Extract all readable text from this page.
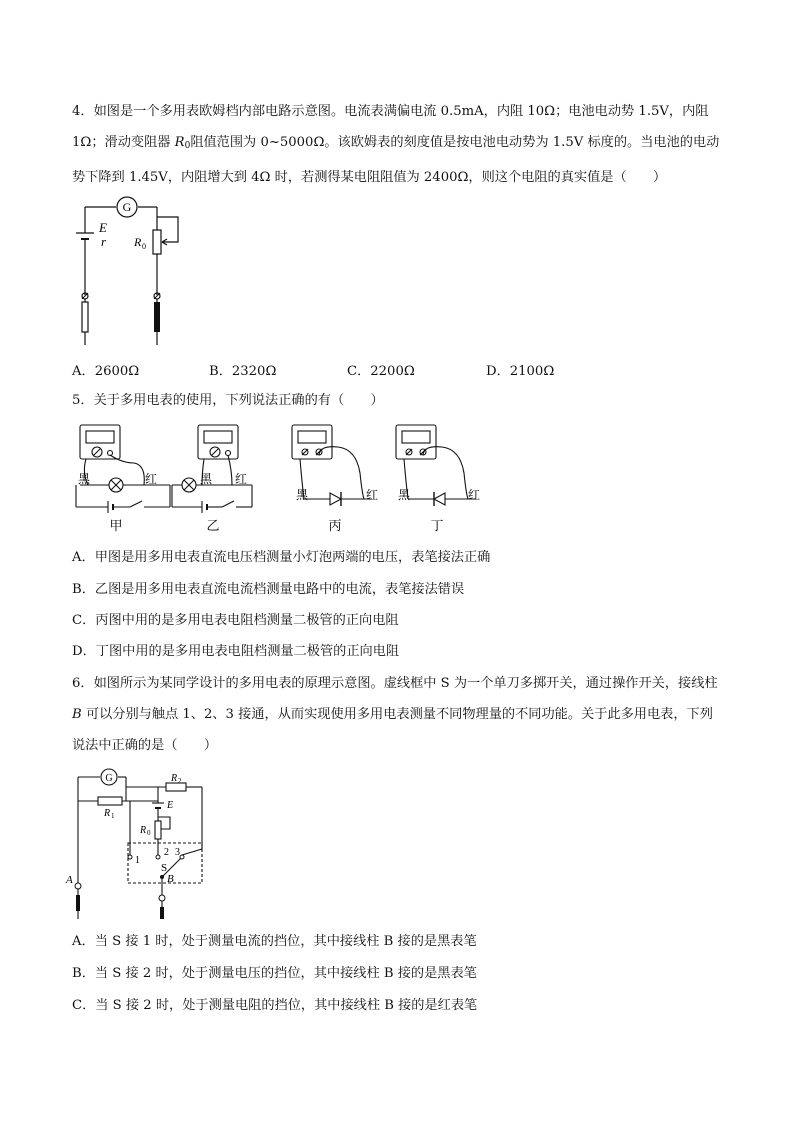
4．如图是一个多用表欧姆档内部电路示意图。电流表满偏电流 0.5mA，内阻 10Ω；电池电动势 1.5V，内阻 1Ω；滑动变阻器 $R_0$阻值范围为 0~5000Ω。该欧姆表的刻度值是按电池电动势为 1.5V 标度的。当电池的电动势下降到 1.45V，内阻增大到 4Ω 时，若测得某电阻阻值为 2400Ω，则这个电阻的真实值是（　　）

G
E
r R 0
A．2600Ω	B．2320Ω	C．2200Ω	D．2100Ω
5．关于多用电表的使用，下列说法正确的有（　　）
黑	红
甲
黑 红
乙
黑	红
丙
黑	红
丁
A．甲图是用多用电表直流电压档测量小灯泡两端的电压，表笔接法正确
B．乙图是用多用电表直流电流档测量电路中的电流，表笔接法错误
C．丙图中用的是多用电表电阻档测量二极管的正向电阻
D．丁图中用的是多用电表电阻档测量二极管的正向电阻

6．如图所示为某同学设计的多用电表的原理示意图。虚线框中 S 为一个单刀多掷开关，通过操作开关，接线柱 B 可以分别与触点 1、2、3 接通，从而实现使用多用电表测量不同物理量的不同功能。关于此多用电表，下列说法中正确的是（　　）

G	R 2
R 1
E
R 0
1
2 3
S
B
A
A．当 S 接 1 时，处于测量电流的挡位，其中接线柱 B 接的是黑表笔
B．当 S 接 2 时，处于测量电压的挡位，其中接线柱 B 接的是黑表笔
C．当 S 接 2 时，处于测量电阻的挡位，其中接线柱 B 接的是红表笔
